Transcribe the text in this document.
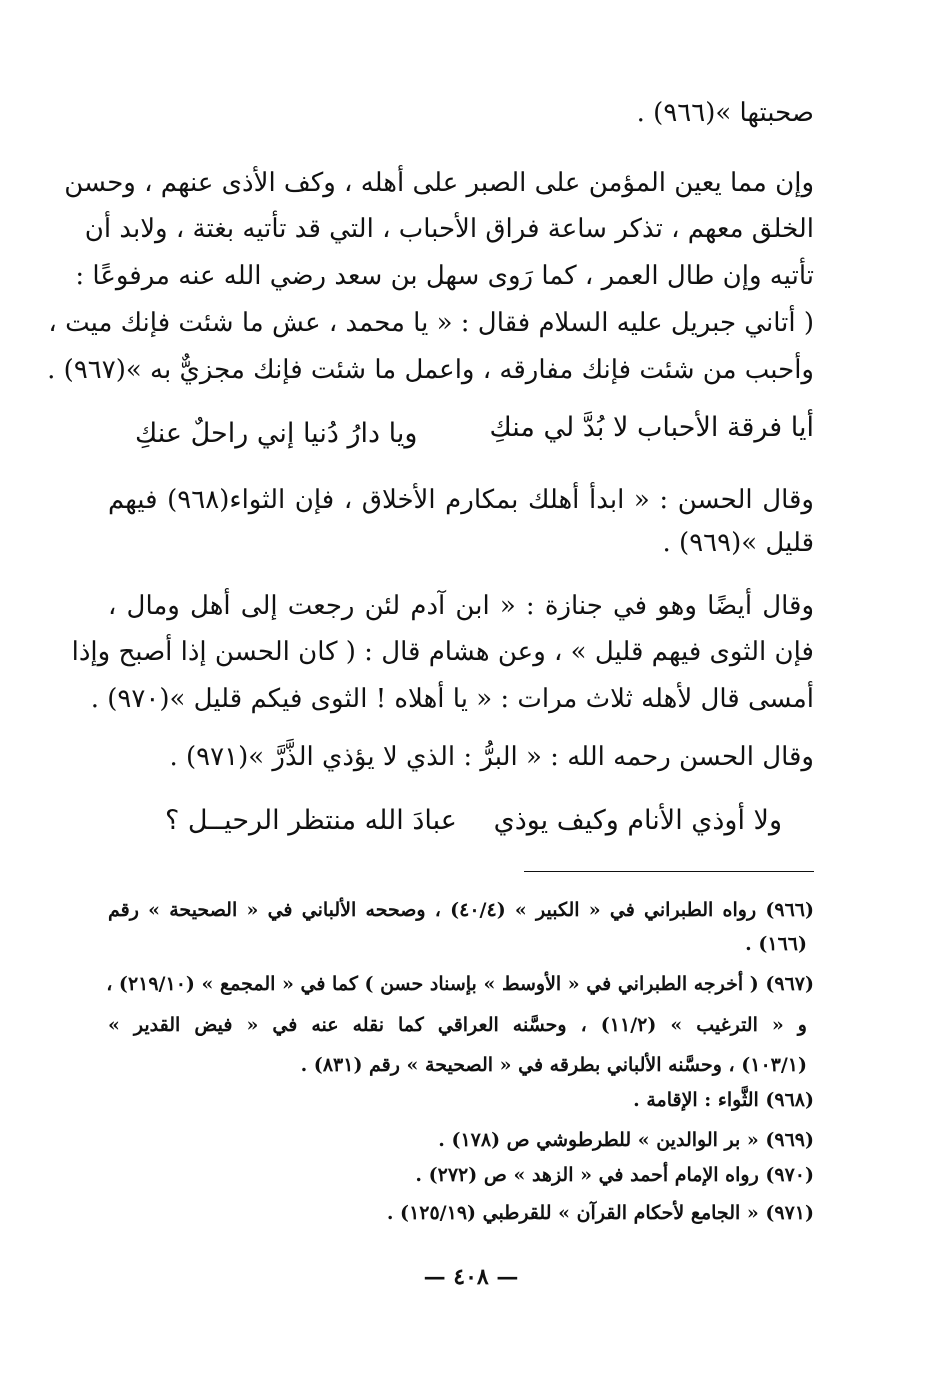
صحبتها »(٩٦٦) .
وإن مما يعين المؤمن على الصبر على أهله ، وكف الأذى عنهم ، وحسن
الخلق معهم ، تذكر ساعة فراق الأحباب ، التي قد تأتيه بغتة ، ولابد أن
تأتيه وإن طال العمر ، كما رَوى سهل بن سعد رضي الله عنه مرفوعًا :
( أتاني جبريل عليه السلام فقال : « يا محمد ، عش ما شئت فإنك ميت ،
وأحبب من شئت فإنك مفارقه ، واعمل ما شئت فإنك مجزيٌّ به »(٩٦٧) .
أيا فرقة الأحباب لا بُدَّ لي منكِ
ويا دارُ دُنيا إني راحلٌ عنكِ
وقال الحسن : « ابدأ أهلك بمكارم الأخلاق ، فإن الثواء(٩٦٨) فيهم
قليل »(٩٦٩) .
وقال أيضًا وهو في جنازة : « ابن آدم لئن رجعت إلى أهل ومال ،
فإن الثوى فيهم قليل » ، وعن هشام قال : ( كان الحسن إذا أصبح وإذا
أمسى قال لأهله ثلاث مرات : « يا أهلاه ! الثوى فيكم قليل »(٩٧٠) .
وقال الحسن رحمه الله : « البرُّ : الذي لا يؤذي الذَّرَّ »(٩٧١) .
ولا أوذي الأنام وكيف يوذي
عبادَ الله منتظر الرحيــل ؟
(٩٦٦) رواه الطبراني في « الكبير » (٤٠/٤) ، وصححه الألباني في « الصحيحة » رقم
(١٦٦) .
(٩٦٧) ( أخرجه الطبراني في « الأوسط » بإسناد حسن ) كما في « المجمع » (٢١٩/١٠) ،
و « الترغيب » (١١/٢) ، وحسَّنه العراقي كما نقله عنه في « فيض القدير »
(١٠٣/١) ، وحسَّنه الألباني بطرقه في « الصحيحة » رقم (٨٣١) .
(٩٦٨) الثَّواء : الإقامة .
(٩٦٩) « بر الوالدين » للطرطوشي ص (١٧٨) .
(٩٧٠) رواه الإمام أحمد في « الزهد » ص (٢٧٢) .
(٩٧١) « الجامع لأحكام القرآن » للقرطبي (١٢٥/١٩) .
— ٤٠٨ —
